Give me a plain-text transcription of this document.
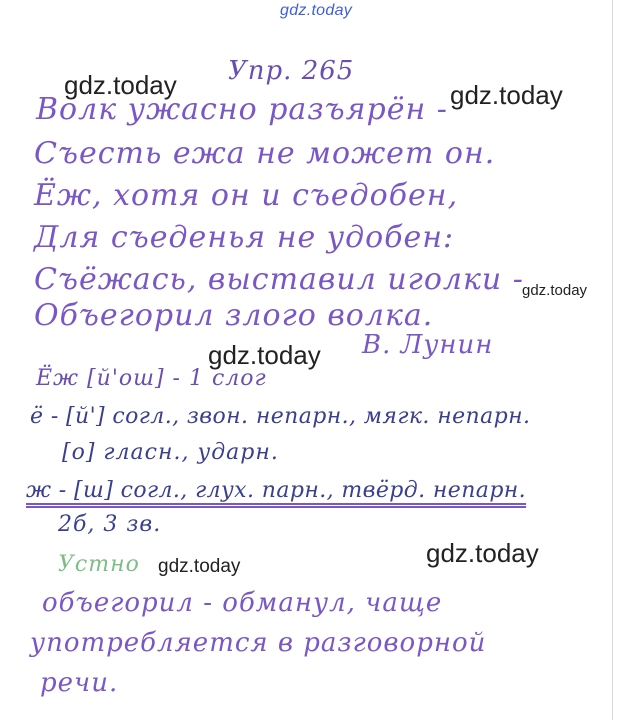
gdz.today
Упр. 265
gdz.today	gdz.today
Волк ужасно разъярён -
Съесть ежа не может он.
Ёж, хотя он и съедобен,
Для съеденья не удобен:
Съёжась, выставил иголки -
Объегорил злого волка.
gdz.today
В. Лунин
gdz.today
Ёж [й'ош] - 1 слог
ё - [й'] согл., звон. непарн., мягк. непарн.
[о] гласн., ударн.
ж - [ш] согл., глух. парн., твёрд. непарн.
2б, 3 зв.
gdz.today
Устно gdz.today
объегорил - обманул, чаще
употребляется в разговорной
речи.
